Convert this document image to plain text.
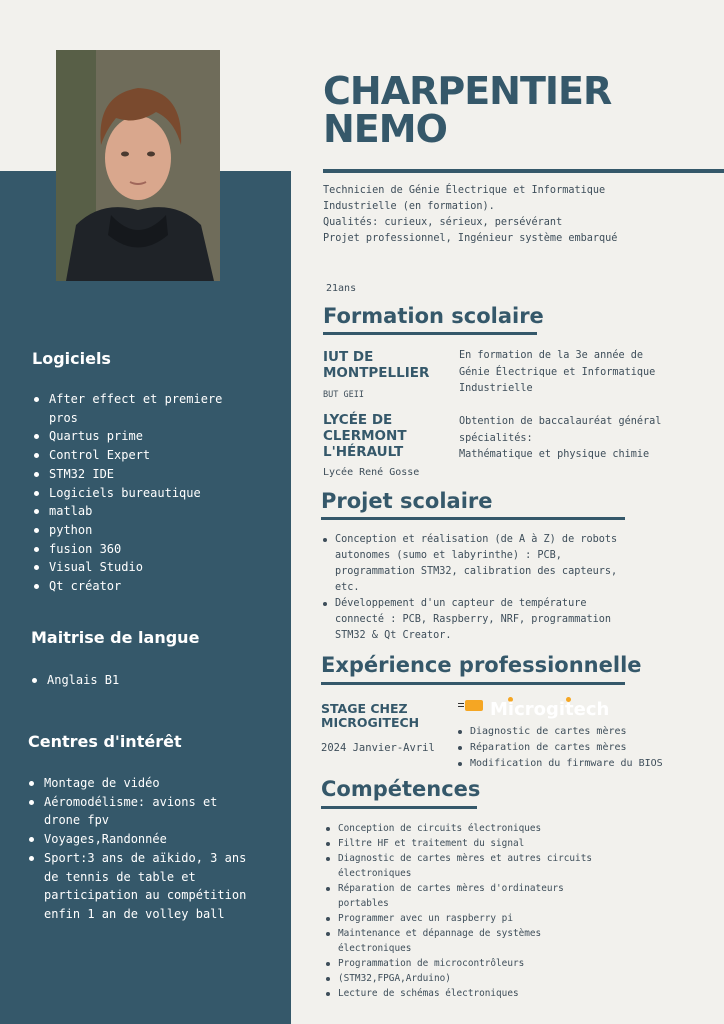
CHARPENTIER
NEMO
Technicien de Génie Électrique et Informatique
Industrielle (en formation).
Qualités: curieux, sérieux, persévérant
Projet professionnel, Ingénieur système embarqué
21ans
Logiciels
After effect et premiere pros
Quartus prime
Control Expert
STM32 IDE
Logiciels bureautique
matlab
python
fusion 360
Visual Studio
Qt créator
Maitrise de langue
Anglais B1
Centres d'intérêt
Montage de vidéo
Aéromodélisme: avions et drone fpv
Voyages,Randonnée
Sport:3 ans de aïkido, 3 ans de tennis de table et participation au compétition enfin 1 an de volley ball
Formation scolaire
IUT DE MONTPELLIER
BUT GEII
En formation de la 3e année de
Génie Électrique et Informatique
Industrielle
LYCÉE DE CLERMONT L'HÉRAULT
Lycée René Gosse
Obtention de baccalauréat général
spécialités:
Mathématique et physique chimie
Projet scolaire
Conception et réalisation (de A à Z) de robots autonomes (sumo et labyrinthe) : PCB, programmation STM32, calibration des capteurs, etc.
Développement d'un capteur de température connecté : PCB, Raspberry, NRF, programmation STM32 & Qt Creator.
Expérience professionnelle
STAGE CHEZ MICROGITECH
2024 Janvier-Avril
Microgitech
Diagnostic de cartes mères
Réparation de cartes mères
Modification du firmware du BIOS
Compétences
Conception de circuits électroniques
Filtre HF et traitement du signal
Diagnostic de cartes mères et autres circuits électroniques
Réparation de cartes mères d'ordinateurs portables
Programmer avec un raspberry pi
Maintenance et dépannage de systèmes électroniques
Programmation de microcontrôleurs
(STM32,FPGA,Arduino)
Lecture de schémas électroniques
